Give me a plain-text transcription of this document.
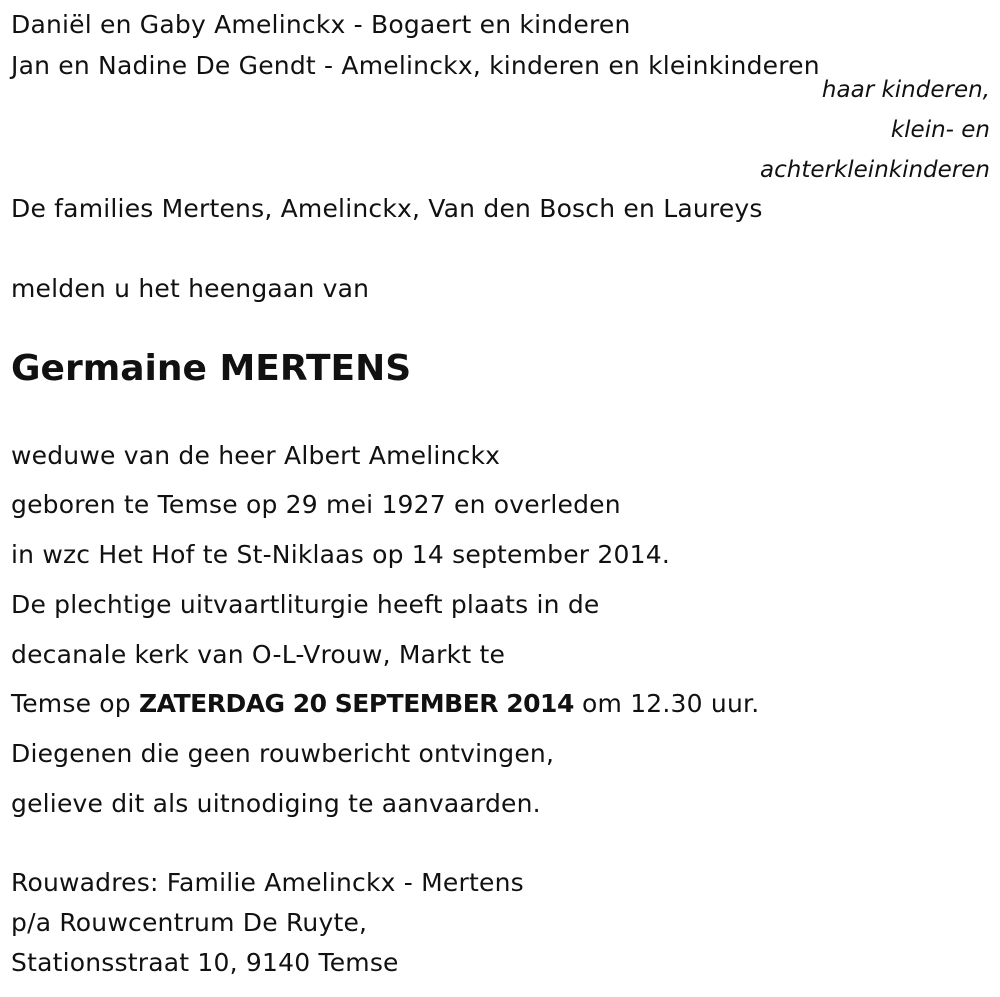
Daniël en Gaby Amelinckx - Bogaert en kinderen
Jan en Nadine De Gendt - Amelinckx, kinderen en kleinkinderen
haar kinderen,
klein- en
achterkleinkinderen
De families Mertens, Amelinckx, Van den Bosch en Laureys
melden u het heengaan van
Germaine MERTENS
weduwe van de heer Albert Amelinckx
geboren te Temse op 29 mei 1927 en overleden
in wzc Het Hof te St-Niklaas op 14 september 2014.
De plechtige uitvaartliturgie heeft plaats in de
decanale kerk van O-L-Vrouw, Markt te
Temse op ZATERDAG 20 SEPTEMBER 2014 om 12.30 uur.
Diegenen die geen rouwbericht ontvingen,
gelieve dit als uitnodiging te aanvaarden.
Rouwadres: Familie Amelinckx - Mertens
p/a Rouwcentrum De Ruyte,
Stationsstraat 10, 9140 Temse
